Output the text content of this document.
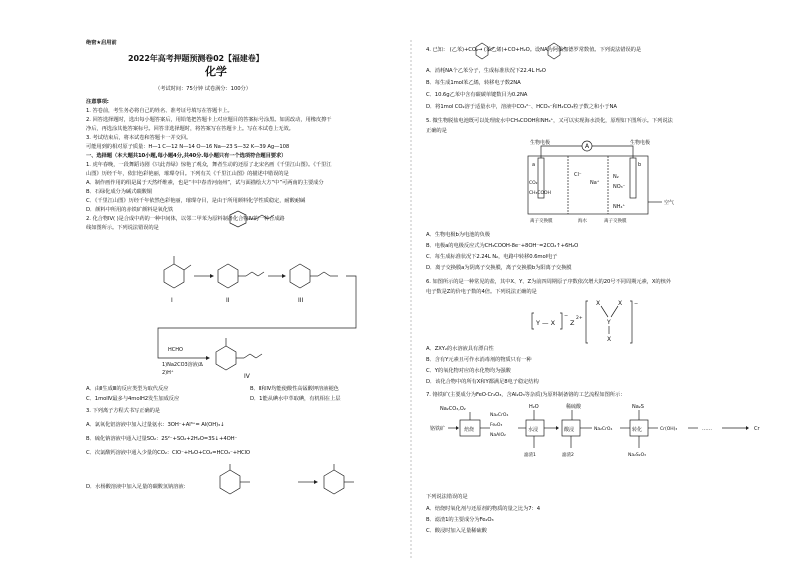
绝密★启用前
2022年高考押题预测卷02【福建卷】
化学
（考试时间：75分钟 试卷满分：100分）
注意事项:
1. 答卷前，考生务必将自己的姓名、准考证号填写在答题卡上。
2. 回答选择题时，选出每小题答案后，用铅笔把答题卡上对应题目的答案标号涂黑。如需改动，用橡皮擦干
净后，再选涂其他答案标号。回答非选择题时，将答案写在答题卡上。写在本试卷上无效。
3. 考试结束后，将本试卷和答题卡一并交回。
可能用到的相对原子质量：H—1 C—12 N—14 O—16 Na—23 S—32 K—39 Ag—108
一、选择题（本大题共10小题,每小题4分,共40分.每小题只有一个选项符合题目要求）
1. 虎年春晚，一段舞蹈诗剧《只此青绿》惊艳了观众，舞者生动的还原了北宋名画《千里江山图》。《千里江
山图》历经千年，依旧色彩艳丽，璀璨夺目。下列有关《千里江山图》的描述中错误的是
A．制作画作用的绢是属于天然纤维素，也是“丰中春青河南州”，试与面描绘大方“中”可两南的主要成分
B．石绿化成分为碱式碳酸铜
C．《千里江山图》历经千年依然色彩艳丽，璀璨夺目，是由于所用颜料化学性质稳定，耐酸耐碱
D．颜料中所用的赤铁矿颜料是氧化铁
2. 化合物IV( )是合成中药的一种中间体，以邻二甲苯为原料制备化合物IV的一种合成路
线如图所示。下列说法错误的是
I	II	III
HCHO
1)Na2CO3溶液/Δ
2)H⁺	IV
A．由Ⅱ生成Ⅲ的反应类型为取代反应	B．Ⅱ和Ⅳ均能使酸性高锰酸钾溶液褪色
C．1molⅣ最多与4molH2发生加成反应	D．1能从碘水中萃取碘，有机相在上层
3. 下列离子方程式书写正确的是
A．氯氧化铝溶液中加入过量氨水：3OH⁻+Al³⁺= Al(OH)₃↓
B．硫化钠溶液中通入过量SO₂：2S²⁻+SO₂+2H₂O=3S↓+4OH⁻
C．次氯酸钙溶液中通入少量的CO₂：ClO⁻+H₂O+CO₂=HCO₃⁻+HClO
D．水杨酸溶液中加入足量的碳酸氢钠溶液：
4. 已知： (乙苯)+CO₂→ (苯乙烯)+CO+H₂O。设NA为阿伏加德罗常数值。下列说法错误的是
A．消耗NA个乙苯分子，生成标准状况下22.4L H₂O
B．每生成1mol苯乙烯，转移电子数2NA
C．10.6g乙苯中含有碳碳单键数目为0.2NA
D．将1mol CO₂溶于适量水中，溶液中CO₃²⁻、HCO₃⁻和H₂CO₃粒子数之和小于NA
5. 微生物脱盐电池既可以处理废水中CH₃COOH和NH₄⁺，又可以实现海水淡化，原理如下图所示。下列说法
正确的是
A
生物电极	生物电极
a	b
CO₂
CH₃COOH
Cl⁻
Na⁺
N₂
NO₃⁻
NH₄⁺
空气
离子交换膜	海水	离子交换膜
A．生物电极b为电池的负极
B．电极a的电极反应式为CH₃COOH-8e⁻+8OH⁻=2CO₂↑+6H₂O
C．每生成标准状况下2.24L N₂，电路中转移0.6mol电子
D．离子交换膜a为阴离子交换膜，离子交换膜b为阳离子交换膜
6. 如图所示的是一种常见的盐，其中X、Y、Z为前四周期原子序数依次增大的20号不同周期元素，X的核外
电子数是Z的价电子数的4倍。下列说法正确的是
Y — X
−
Z
2+
X	X
Y
X
−
A．ZXY₂的水溶液具有漂白性
B．含有Y元素且可作水消毒剂的物质只有一种
C．Y的氧化物对应的水化物均为强酸
D．该化合物中的所有X和Y都满足8电子稳定结构
7. 铬铁矿(主要成分为FeO·Cr₂O₃，含Al₂O₃等杂质)为原料制备铬的工艺流程如图所示：
铬铁矿
Na₂CO₃,O₂
焙烧
Na₂CrO₄
Fe₂O₃
NaAlO₂
H₂O
水浸
滤渣1
稀硫酸
酸浸
滤渣2
Na₂CrO₄
Na₂S
转化
Na₂S₂O₃
Cr(OH)₃	……	Cr
下列说法错误的是
A．焙烧时氧化剂与还原剂的物质的量之比为7：4
B．滤渣1的主要成分为Fe₂O₃
C．酸浸时加入足量稀硫酸
